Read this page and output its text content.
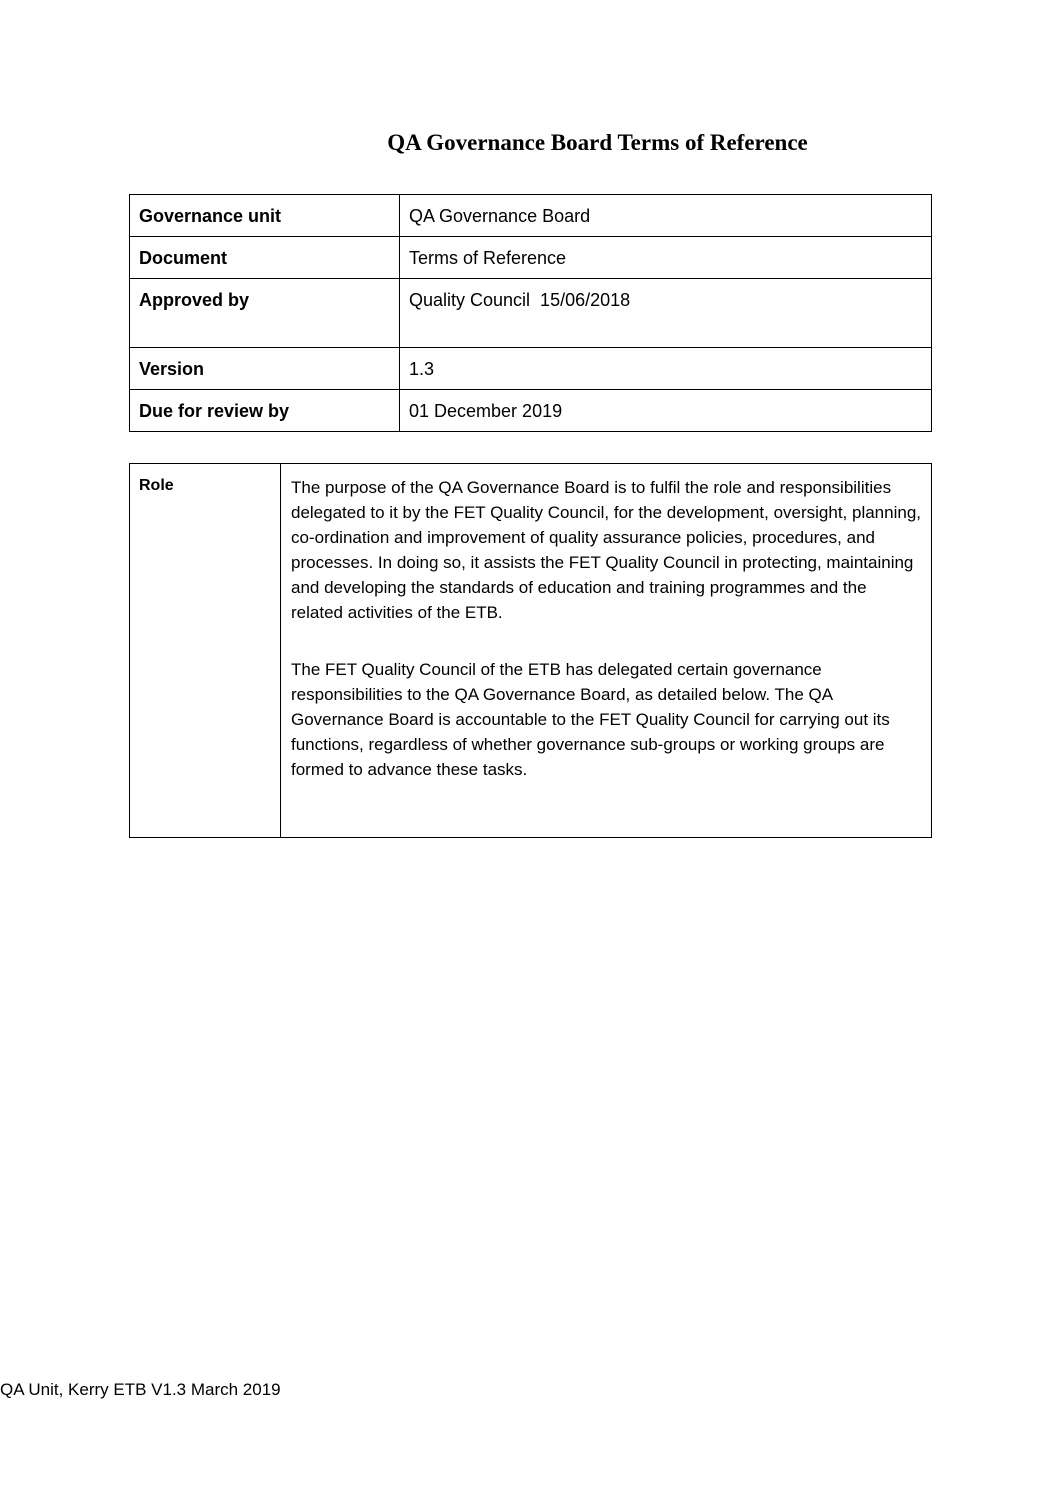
QA Governance Board Terms of Reference
Governance unit	QA Governance Board
Document	Terms of Reference
Approved by	Quality Council  15/06/2018
Version	1.3
Due for review by	01 December 2019
Role	The purpose of the QA Governance Board is to fulfil the role and responsibilities delegated to it by the FET Quality Council, for the development, oversight, planning, co-ordination and improvement of quality assurance policies, procedures, and processes. In doing so, it assists the FET Quality Council in protecting, maintaining and developing the standards of education and training programmes and the related activities of the ETB.

The FET Quality Council of the ETB has delegated certain governance responsibilities to the QA Governance Board, as detailed below. The QA Governance Board is accountable to the FET Quality Council for carrying out its functions, regardless of whether governance sub-groups or working groups are formed to advance these tasks.

QA Unit, Kerry ETB V1.3 March 2019
